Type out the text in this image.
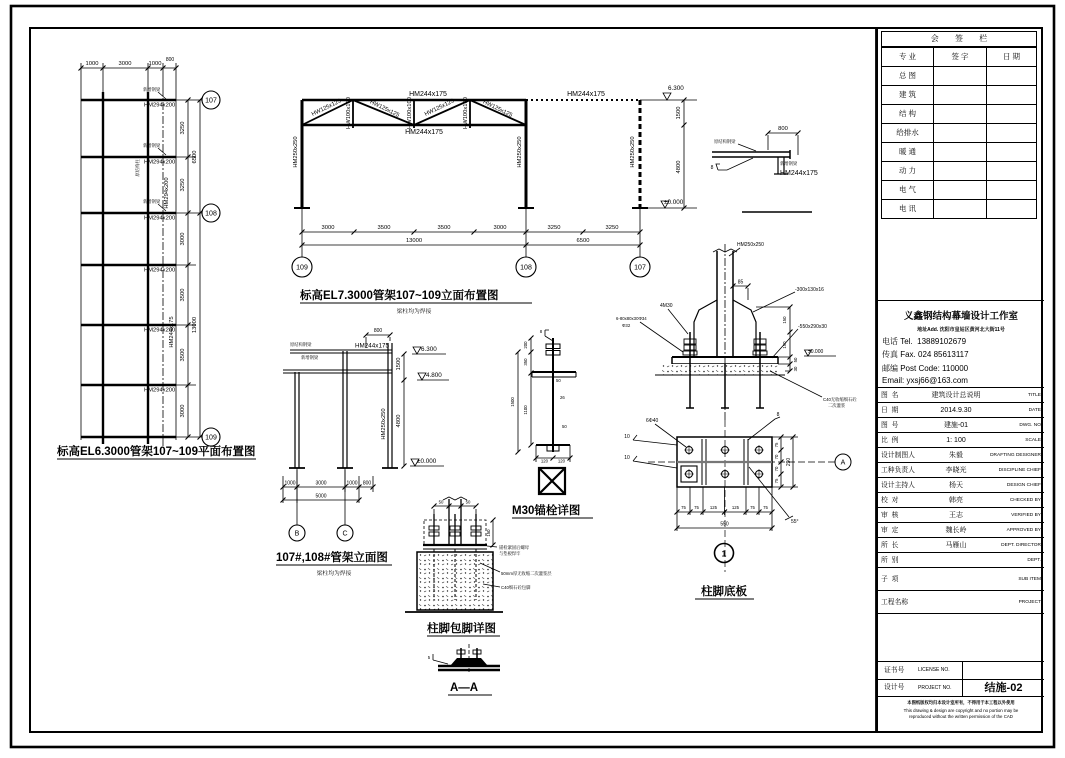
1000	3000	1000
800
3250
3250
3000
3500
3500
3000
6500
13000
107
108
109
HM294x200
HM294x200
HM294x200
HM294x200
HM294x200
HM294x200
HM294x200
HM244x175
新增钢梁
新增钢梁
新增钢梁
原结构柱
标高EL6.3000管架107~109平面布置图
3000	3500	3500	3000	3250	3250
13000	6500
109	108	107
HM244x175	HM244x175
HM244x175
HW125x125	HW125x125	HW125x125	HW125x125
HW100x100	HW100x100	HW100x100
HM250x250	HM250x250	HM250x250
6.300
±0.000
1500
4800
标高EL7.3000管架107~109立面布置图
梁柱均为焊接
800
HM244x175
HM250x250
原结构钢梁
新增钢梁
6.300
4.800
±0.000
1500
4800
1000	3000	1000 800
5000
B	C
107#,108#管架立面图
梁柱均为焊接
8
200
350
1500
1100
50
26
50
120 120
M30锚栓详图
50	50
150
锚栓紧固后螺母
与垫板焊牢
50mm厚无收缩二次灌浆层
C40细石砼包脚
柱脚包脚详图
5
A—A
HM250x250
85
4M30
6-80x80x30Φ34
Φ32
-300x130x16
-550x290x30
150
150
50
30
±0.000
C40无收缩细石砼
二次灌浆
6Φ40
10
10
8
75
70
70
75
290
75 75	125	125	75 75
550	55°
A
1
柱脚底板
原结构钢梁
800
8
新增钢梁
HM244x175
会 签 栏
专 业	签 字	日 期
总 图
建 筑
结 构
给排水
暖 通
动 力
电 气
电 讯
义鑫钢结构幕墙设计工作室
地址Add. 沈阳市皇姑区黄河北大街11号
电话 Tel.  13889102679
传真 Fax. 024 85613117
邮编 Post Code: 110000
Email: yxsj66@163.com
图  名	建筑设计总说明	TITLE
日  期	2014.9.30	DATE
图  号	建施-01	DWG. NO
比  例	1: 100	SCALE
设计制图人	朱毅	DRAFTING DESIGNER
工种负责人	李晓光	DISCIPLINE CHIEF
设计主持人	杨天	DESIGN CHIEF
校  对	韩亮	CHECKED BY
审  核	王志	VERIFIED BY
审  定	魏长岭	APPROVED BY
所  长	马雁山	DEPT. DIRECTOR
所  别	DEPT.
子  项	SUB ITEM
工程名称	PROJECT
证书号	LICENSE NO.
设计号	PROJECT NO.	结施-02
本图纸版权均归本设计室所有，不得用于本工程以外使用
This drawing & design are copyright and no portion may be
reproduced without the written permission of the CAD
